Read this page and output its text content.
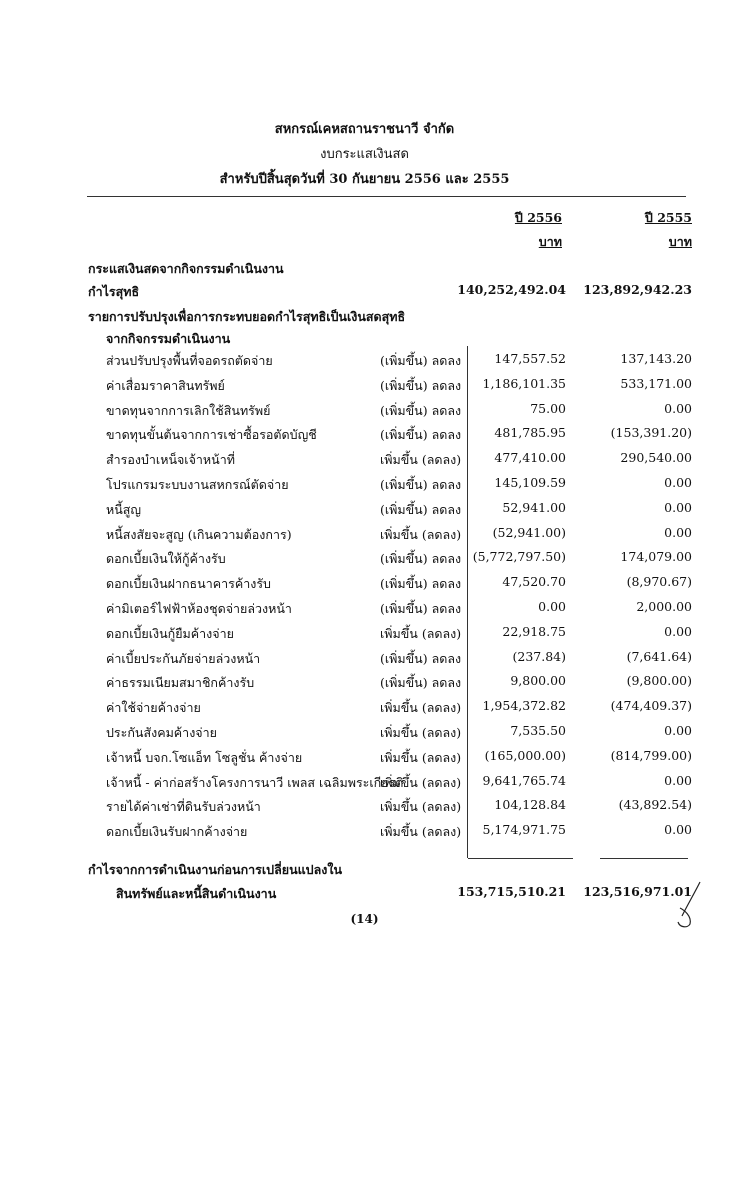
สหกรณ์เคหสถานราชนาวี จำกัด
งบกระแสเงินสด
สำหรับปีสิ้นสุดวันที่ 30 กันยายน 2556 และ 2555
ปี 2556	ปี 2555
บาท	บาท
กระแสเงินสดจากกิจกรรมดำเนินงาน
กำไรสุทธิ	140,252,492.04 123,892,942.23
รายการปรับปรุงเพื่อการกระทบยอดกำไรสุทธิเป็นเงินสดสุทธิ
จากกิจกรรมดำเนินงาน
ส่วนปรับปรุงพื้นที่จอดรถตัดจ่าย	(เพิ่มขึ้น) ลดลง	147,557.52	137,143.20
ค่าเสื่อมราคาสินทรัพย์	(เพิ่มขึ้น) ลดลง 1,186,101.35	533,171.00
ขาดทุนจากการเลิกใช้สินทรัพย์	(เพิ่มขึ้น) ลดลง	75.00	0.00
ขาดทุนขั้นต้นจากการเช่าซื้อรอตัดบัญชี	(เพิ่มขึ้น) ลดลง	481,785.95	(153,391.20)
สำรองบำเหน็จเจ้าหน้าที่	เพิ่มขึ้น (ลดลง)	477,410.00	290,540.00
โปรแกรมระบบงานสหกรณ์ตัดจ่าย	(เพิ่มขึ้น) ลดลง	145,109.59	0.00
หนี้สูญ	(เพิ่มขึ้น) ลดลง	52,941.00	0.00
หนี้สงสัยจะสูญ (เกินความต้องการ)	เพิ่มขึ้น (ลดลง)	(52,941.00)	0.00
ดอกเบี้ยเงินให้กู้ค้างรับ	(เพิ่มขึ้น) ลดลง (5,772,797.50)	174,079.00
ดอกเบี้ยเงินฝากธนาคารค้างรับ	(เพิ่มขึ้น) ลดลง	47,520.70	(8,970.67)
ค่ามิเตอร์ไฟฟ้าห้องชุดจ่ายล่วงหน้า	(เพิ่มขึ้น) ลดลง	0.00	2,000.00
ดอกเบี้ยเงินกู้ยืมค้างจ่าย	เพิ่มขึ้น (ลดลง)	22,918.75	0.00
ค่าเบี้ยประกันภัยจ่ายล่วงหน้า	(เพิ่มขึ้น) ลดลง	(237.84)	(7,641.64)
ค่าธรรมเนียมสมาชิกค้างรับ	(เพิ่มขึ้น) ลดลง	9,800.00	(9,800.00)
ค่าใช้จ่ายค้างจ่าย	เพิ่มขึ้น (ลดลง) 1,954,372.82	(474,409.37)
ประกันสังคมค้างจ่าย	เพิ่มขึ้น (ลดลง)	7,535.50	0.00
เจ้าหนี้ บจก.โซแอ็ท โซลูชั่น ค้างจ่าย	เพิ่มขึ้น (ลดลง) (165,000.00)	(814,799.00)
เจ้าหนี้ - ค่าก่อสร้างโครงการนาวี เพลส เฉลิมพระเกียรติ
เพิ่มขึ้น (ลดลง) 9,641,765.74	0.00
รายได้ค่าเช่าที่ดินรับล่วงหน้า	เพิ่มขึ้น (ลดลง)	104,128.84	(43,892.54)
ดอกเบี้ยเงินรับฝากค้างจ่าย	เพิ่มขึ้น (ลดลง) 5,174,971.75	0.00
กำไรจากการดำเนินงานก่อนการเปลี่ยนแปลงใน
สินทรัพย์และหนี้สินดำเนินงาน	153,715,510.21 123,516,971.01
(14)
